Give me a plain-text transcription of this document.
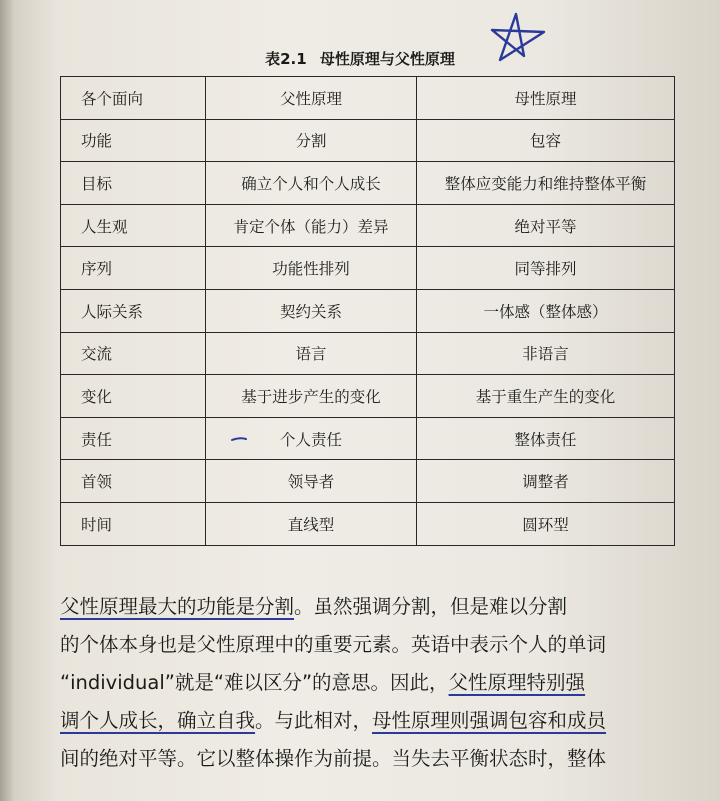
表2.1 母性原理与父性原理
各个面向	父性原理	母性原理
功能	分割	包容
目标	确立个人和个人成长	整体应变能力和维持整体平衡
人生观	肯定个体（能力）差异	绝对平等
序列	功能性排列	同等排列
人际关系	契约关系	一体感（整体感）
交流	语言	非语言
变化	基于进步产生的变化	基于重生产生的变化
责任	个人责任	整体责任
首领	领导者	调整者
时间	直线型	圆环型
父性原理最大的功能是分割。虽然强调分割，但是难以分割
的个体本身也是父性原理中的重要元素。英语中表示个人的单词
“individual”就是“难以区分”的意思。因此，父性原理特别强
调个人成长，确立自我。与此相对，母性原理则强调包容和成员
间的绝对平等。它以整体操作为前提。当失去平衡状态时，整体
